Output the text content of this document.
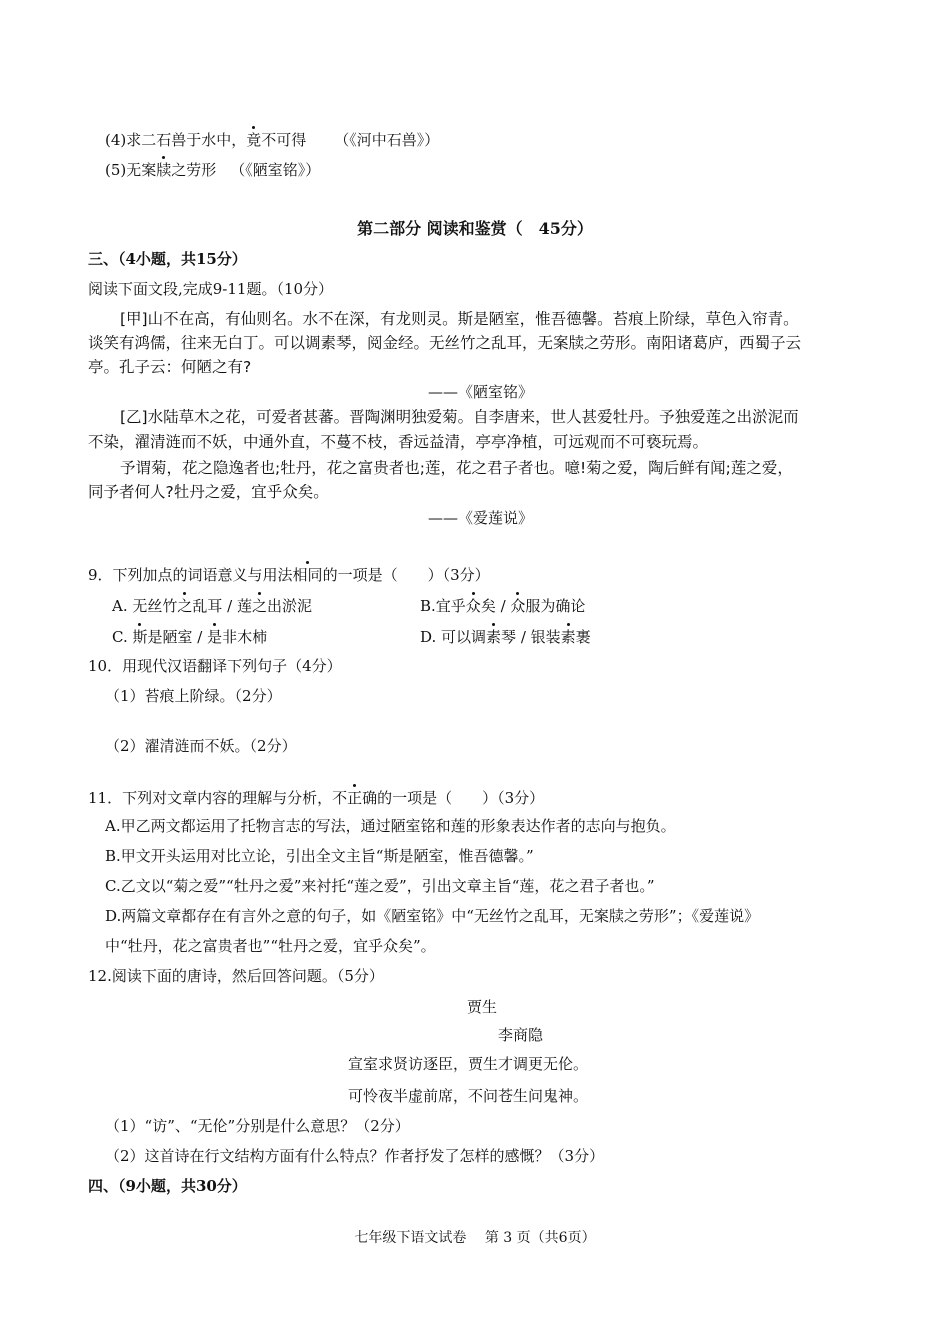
(4)求二石兽于水中，竟不可得 （《河中石兽》）
(5)无案牍之劳形 （《陋室铭》）
第二部分 阅读和鉴赏（　45分）
三、（4小题，共15分）
阅读下面文段,完成9-11题。（10分）
[甲]山不在高，有仙则名。水不在深，有龙则灵。斯是陋室，惟吾德馨。苔痕上阶绿，草色入帘青。
谈笑有鸿儒，往来无白丁。可以调素琴，阅金经。无丝竹之乱耳，无案牍之劳形。南阳诸葛庐，西蜀子云
亭。孔子云：何陋之有?
——《陋室铭》
[乙]水陆草木之花，可爱者甚蕃。晋陶渊明独爱菊。自李唐来，世人甚爱牡丹。予独爱莲之出淤泥而
不染，濯清涟而不妖，中通外直，不蔓不枝，香远益清，亭亭净植，可远观而不可亵玩焉。
予谓菊，花之隐逸者也;牡丹，花之富贵者也;莲，花之君子者也。噫!菊之爱，陶后鲜有闻;莲之爱，
同予者何人?牡丹之爱，宜乎众矣。
——《爱莲说》
9．下列加点的词语意义与用法相同的一项是（　　）（3分）
A. 无丝竹之乱耳 / 莲之出淤泥	B.宜乎众矣 / 众服为确论
C. 斯是陋室 / 是非木柿	D. 可以调素琴 / 银装素裹
10．用现代汉语翻译下列句子（4分）
（1）苔痕上阶绿。（2分）
（2）濯清涟而不妖。（2分）
11．下列对文章内容的理解与分析，不正确的一项是（　　）（3分）
A.甲乙两文都运用了托物言志的写法，通过陋室铭和莲的形象表达作者的志向与抱负。
B.甲文开头运用对比立论，引出全文主旨“斯是陋室，惟吾德馨。”
C.乙文以“菊之爱”“牡丹之爱”来衬托“莲之爱”，引出文章主旨“莲，花之君子者也。”
D.两篇文章都存在有言外之意的句子，如《陋室铭》中“无丝竹之乱耳，无案牍之劳形”；《爱莲说》
中“牡丹，花之富贵者也”“牡丹之爱，宜乎众矣”。
12.阅读下面的唐诗，然后回答问题。（5分）
贾生
李商隐
宣室求贤访逐臣，贾生才调更无伦。
可怜夜半虚前席，不问苍生问鬼神。
（1）“访”、“无伦”分别是什么意思？（2分）
（2）这首诗在行文结构方面有什么特点？作者抒发了怎样的感慨？（3分）
四、（9小题，共30分）
七年级下语文试卷　 第 3 页（共6页）
